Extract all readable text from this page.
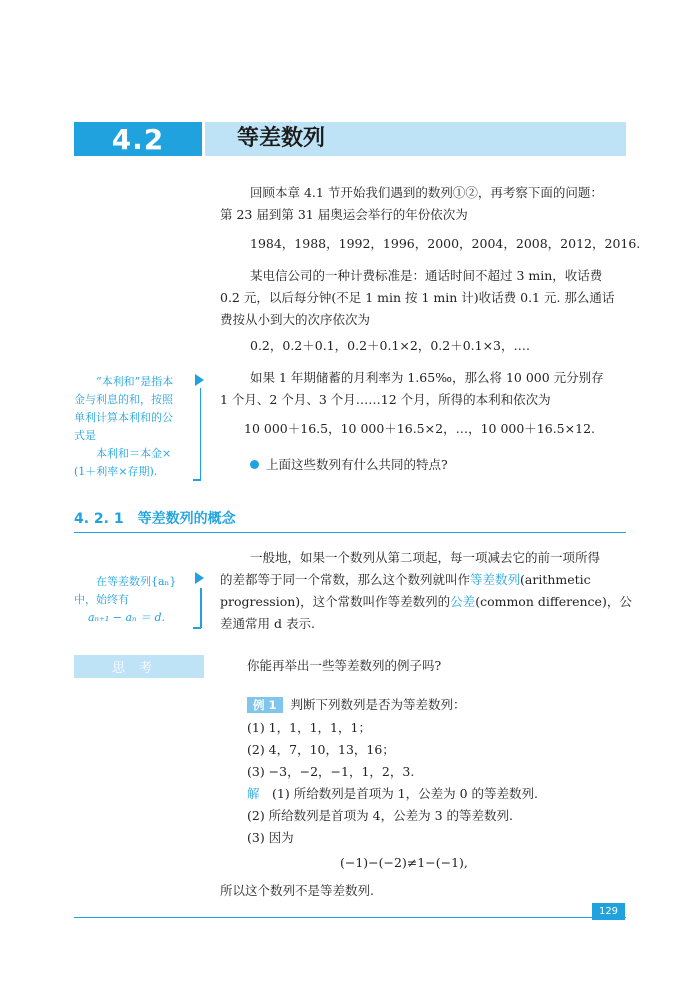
4.2	等差数列
回顾本章 4.1 节开始我们遇到的数列①②，再考察下面的问题：
第 23 届到第 31 届奥运会举行的年份依次为
1984，1988，1992，1996，2000，2004，2008，2012，2016.
某电信公司的一种计费标准是：通话时间不超过 3 min，收话费
0.2 元，以后每分钟(不足 1 min 按 1 min 计)收话费 0.1 元. 那么通话
费按从小到大的次序依次为
0.2，0.2＋0.1，0.2＋0.1×2，0.2＋0.1×3，….
“本利和”是指本
金与利息的和，按照
单利计算本利和的公
式是
本利和＝本金×
(1＋利率×存期).
如果 1 年期储蓄的月利率为 1.65‰，那么将 10 000 元分别存
1 个月、2 个月、3 个月……12 个月，所得的本利和依次为
10 000＋16.5，10 000＋16.5×2，…，10 000＋16.5×12.
上面这些数列有什么共同的特点?
4. 2. 1　等差数列的概念
在等差数列{aₙ}
中，始终有
aₙ₊₁ − aₙ ＝ d.
一般地，如果一个数列从第二项起，每一项减去它的前一项所得
的差都等于同一个常数，那么这个数列就叫作等差数列(arithmetic
progression)，这个常数叫作等差数列的公差(common difference)，公
差通常用 d 表示.
思考	你能再举出一些等差数列的例子吗?
例 1 判断下列数列是否为等差数列：
(1) 1，1，1，1，1；
(2) 4，7，10，13，16；
(3) −3，−2，−1，1，2，3.
解　 (1) 所给数列是首项为 1，公差为 0 的等差数列.
(2) 所给数列是首项为 4，公差为 3 的等差数列.
(3) 因为
(−1)−(−2)≠1−(−1),
所以这个数列不是等差数列.
129
